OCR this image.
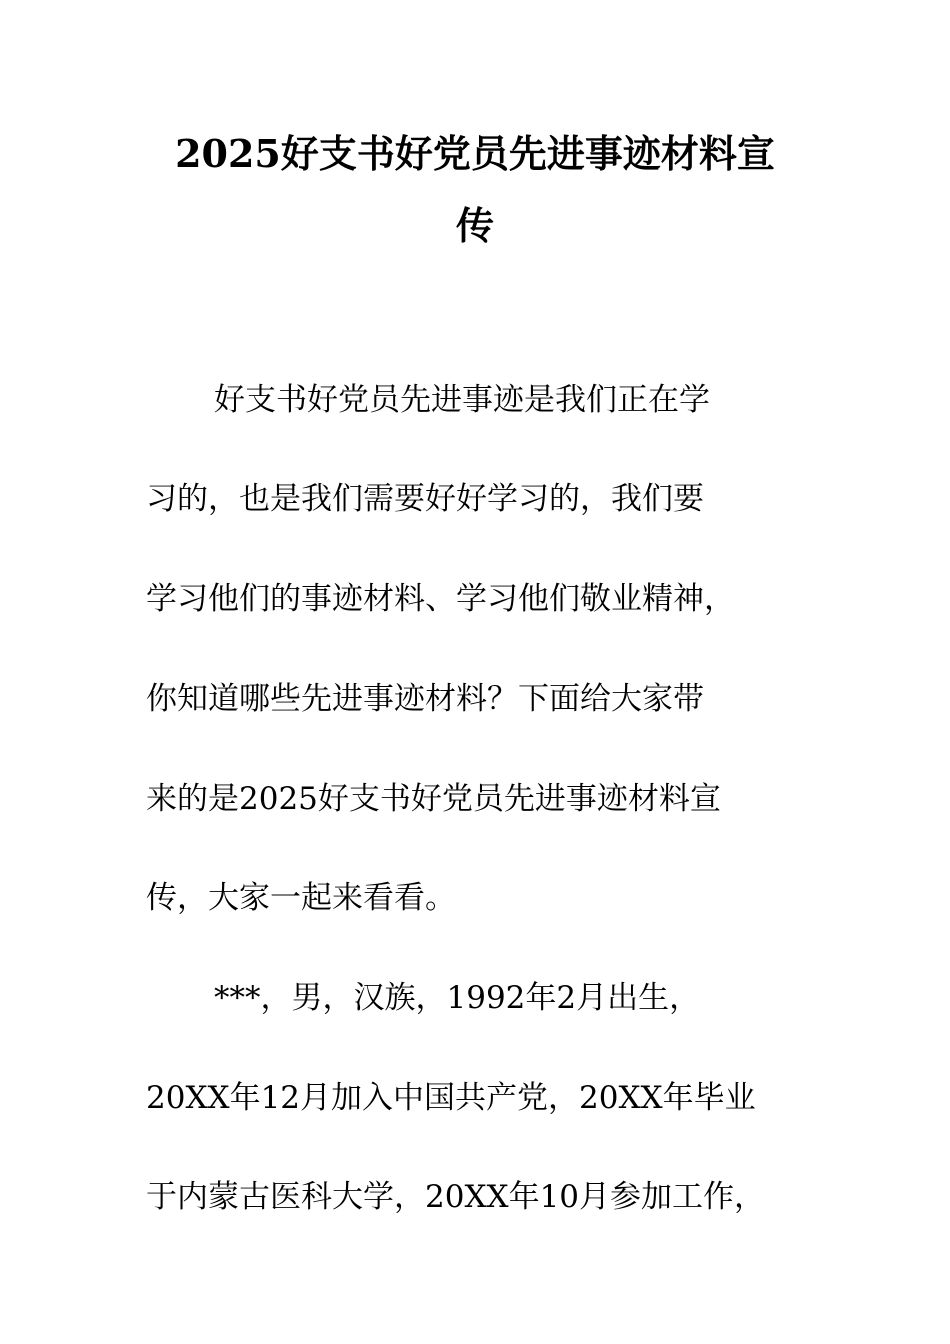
2025好支书好党员先进事迹材料宣
传
好支书好党员先进事迹是我们正在学
习的，也是我们需要好好学习的，我们要
学习他们的事迹材料、学习他们敬业精神，
你知道哪些先进事迹材料？下面给大家带
来的是2025好支书好党员先进事迹材料宣
传，大家一起来看看。
***，男，汉族，1992年2月出生，
20XX年12月加入中国共产党，20XX年毕业
于内蒙古医科大学，20XX年10月参加工作，
